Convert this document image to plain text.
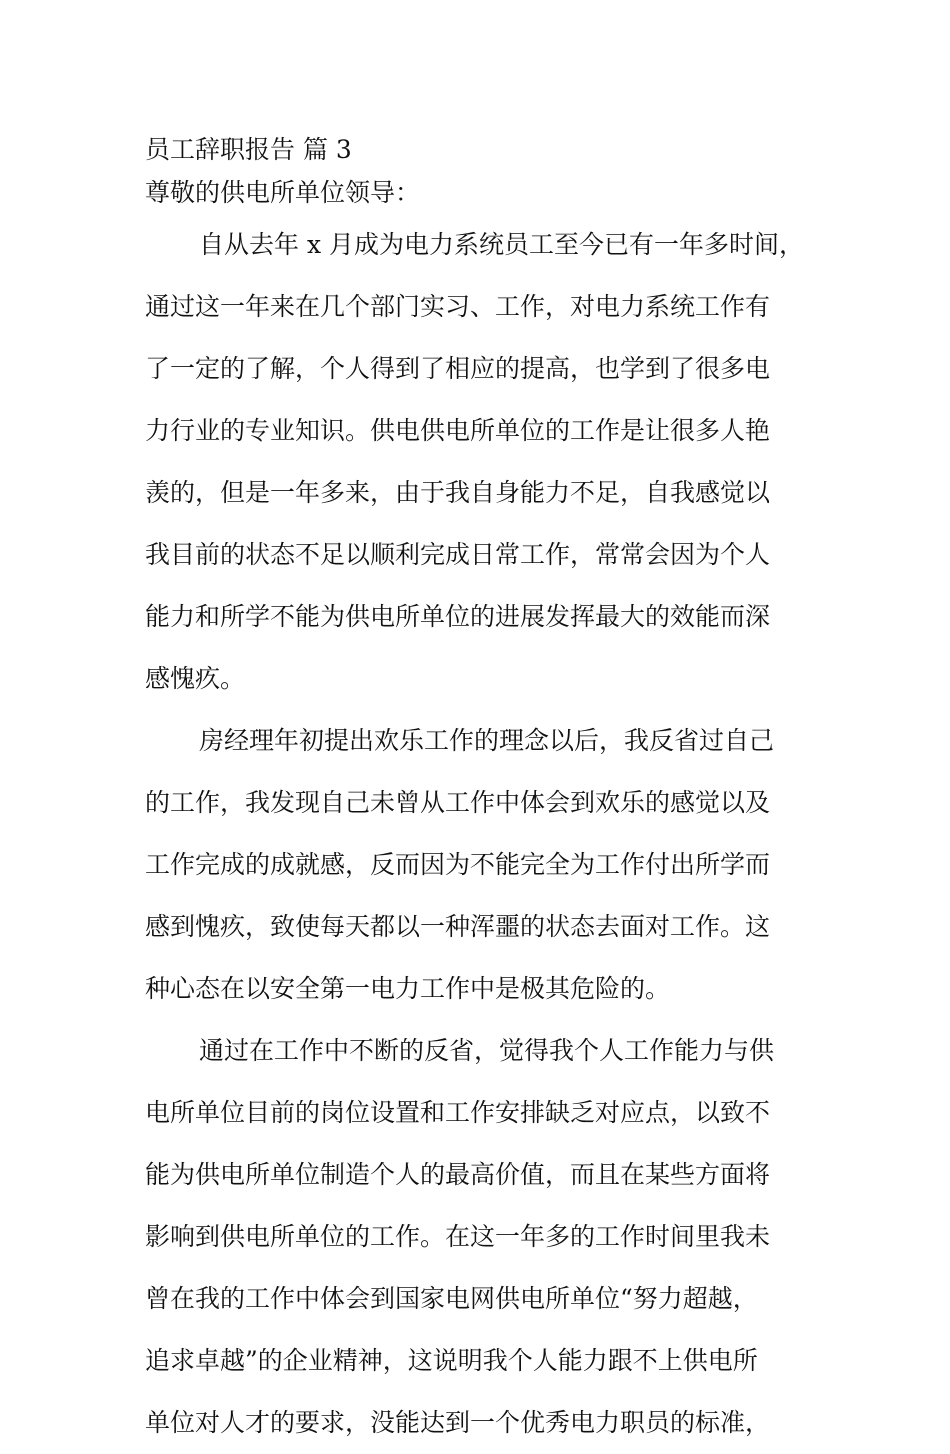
员工辞职报告 篇 3

尊敬的供电所单位领导：

自从去年 x 月成为电力系统员工至今已有一年多时间，
通过这一年来在几个部门实习、工作，对电力系统工作有
了一定的了解，个人得到了相应的提高，也学到了很多电
力行业的专业知识。供电供电所单位的工作是让很多人艳
羡的，但是一年多来，由于我自身能力不足，自我感觉以
我目前的状态不足以顺利完成日常工作，常常会因为个人
能力和所学不能为供电所单位的进展发挥最大的效能而深
感愧疚。
房经理年初提出欢乐工作的理念以后，我反省过自己
的工作，我发现自己未曾从工作中体会到欢乐的感觉以及
工作完成的成就感，反而因为不能完全为工作付出所学而
感到愧疚，致使每天都以一种浑噩的状态去面对工作。这
种心态在以安全第一电力工作中是极其危险的。
通过在工作中不断的反省，觉得我个人工作能力与供
电所单位目前的岗位设置和工作安排缺乏对应点，以致不
能为供电所单位制造个人的最高价值，而且在某些方面将
影响到供电所单位的工作。在这一年多的工作时间里我未
曾在我的工作中体会到国家电网供电所单位“努力超越，
追求卓越”的企业精神，这说明我个人能力跟不上供电所
单位对人才的要求，没能达到一个优秀电力职员的标准，
